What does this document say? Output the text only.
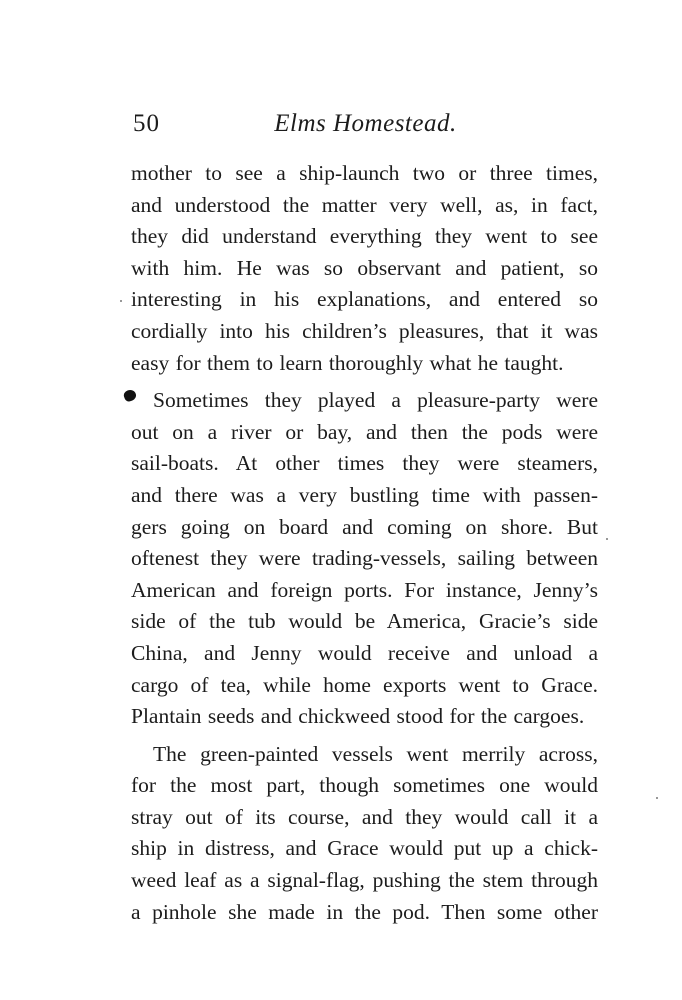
50	Elms Homestead.
mother to see a ship-launch two or three times,
and understood the matter very well, as, in fact,
they did understand everything they went to see
with him. He was so observant and patient, so
interesting in his explanations, and entered so
cordially into his children’s pleasures, that it was
easy for them to learn thoroughly what he taught.
Sometimes they played a pleasure-party were
out on a river or bay, and then the pods were
sail-boats. At other times they were steamers,
and there was a very bustling time with passen-
gers going on board and coming on shore. But
oftenest they were trading-vessels, sailing between
American and foreign ports. For instance, Jenny’s
side of the tub would be America, Gracie’s side
China, and Jenny would receive and unload a
cargo of tea, while home exports went to Grace.
Plantain seeds and chickweed stood for the cargoes.
The green-painted vessels went merrily across,
for the most part, though sometimes one would
stray out of its course, and they would call it a
ship in distress, and Grace would put up a chick-
weed leaf as a signal-flag, pushing the stem through
a pinhole she made in the pod. Then some other
